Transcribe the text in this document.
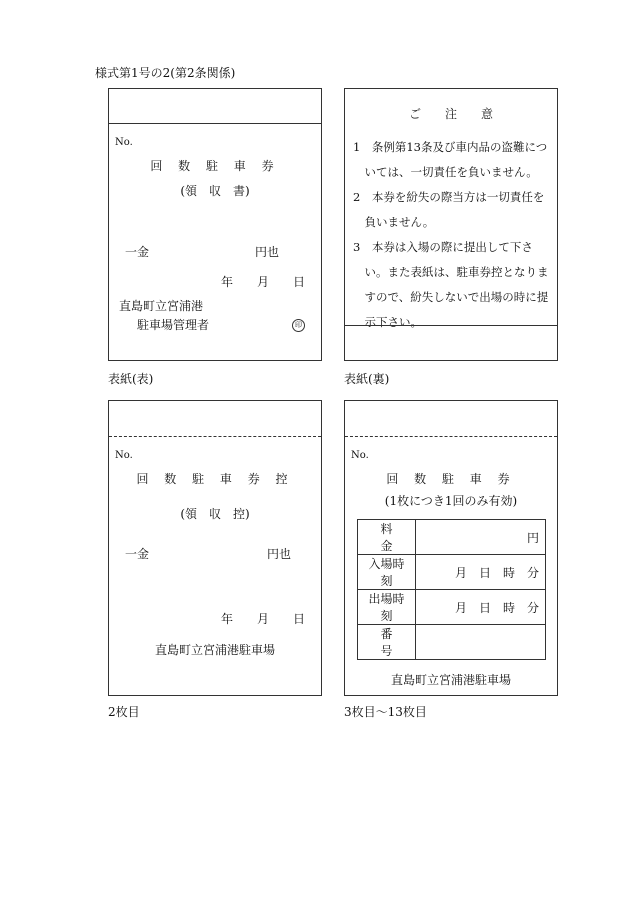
様式第1号の2(第2条関係)
No.
回 数 駐 車 券
(領　収　書)
一金	円也
年　　月　　日
直島町立宮浦港
駐車場管理者	印
表紙(表)
ご　　注　　意
1　 条例第13条及び車内品の盗難につ
　いては、一切責任を負いません。
2　 本券を紛失の際当方は一切責任を
　負いません。
3　 本券は入場の際に提出して下さ
　い。また表紙は、駐車券控となりま
　すので、紛失しないで出場の時に提
　示下さい。
表紙(裏)
No.
回 数 駐 車 券 控
(領　収　控)
一金	円也
年　　月　　日
直島町立宮浦港駐車場
2枚目
No.
回 数 駐 車 券
(1枚につき1回のみ有効)
料　　金	円
入場時刻	月　日　時　分
出場時刻	月　日　時　分
番　　号	
直島町立宮浦港駐車場
3枚目～13枚目
